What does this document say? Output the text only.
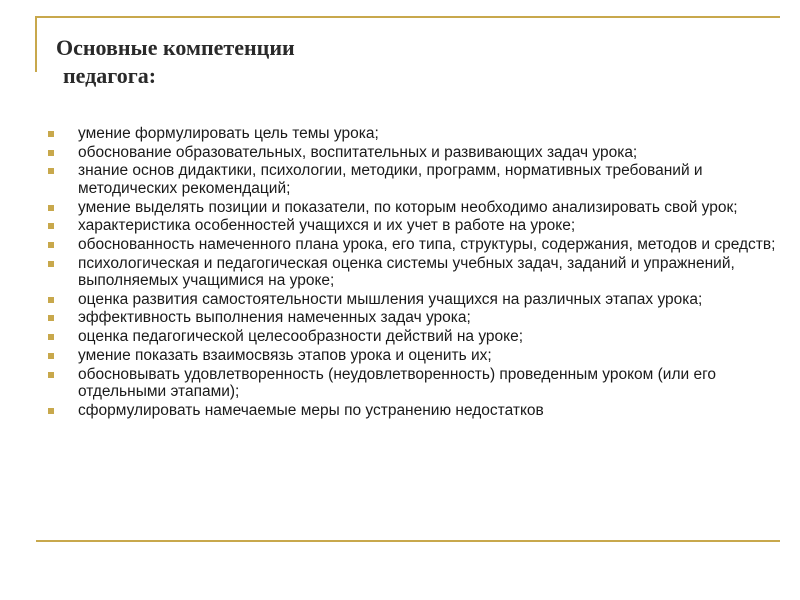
Основные компетенции
педагога:
умение формулировать цель темы урока;
обоснование образовательных, воспитательных и развивающих задач урока;
знание основ дидактики, психологии, методики, программ, нормативных требований и методических рекомендаций;
умение выделять позиции и показатели, по которым необходимо анализировать свой урок;
характеристика особенностей учащихся и их учет в работе на уроке;
обоснованность намеченного плана урока, его типа, структуры, содержания, методов и средств;
психологическая и педагогическая оценка системы учебных задач, заданий и упражнений, выполняемых учащимися на уроке;
оценка развития самостоятельности мышления учащихся на различных этапах урока;
эффективность выполнения намеченных задач урока;
оценка педагогической целесообразности действий на уроке;
умение показать взаимосвязь этапов урока и оценить их;
обосновывать удовлетворенность (неудовлетворенность) проведенным уроком (или его отдельными этапами);
сформулировать намечаемые меры по устранению недостатков
